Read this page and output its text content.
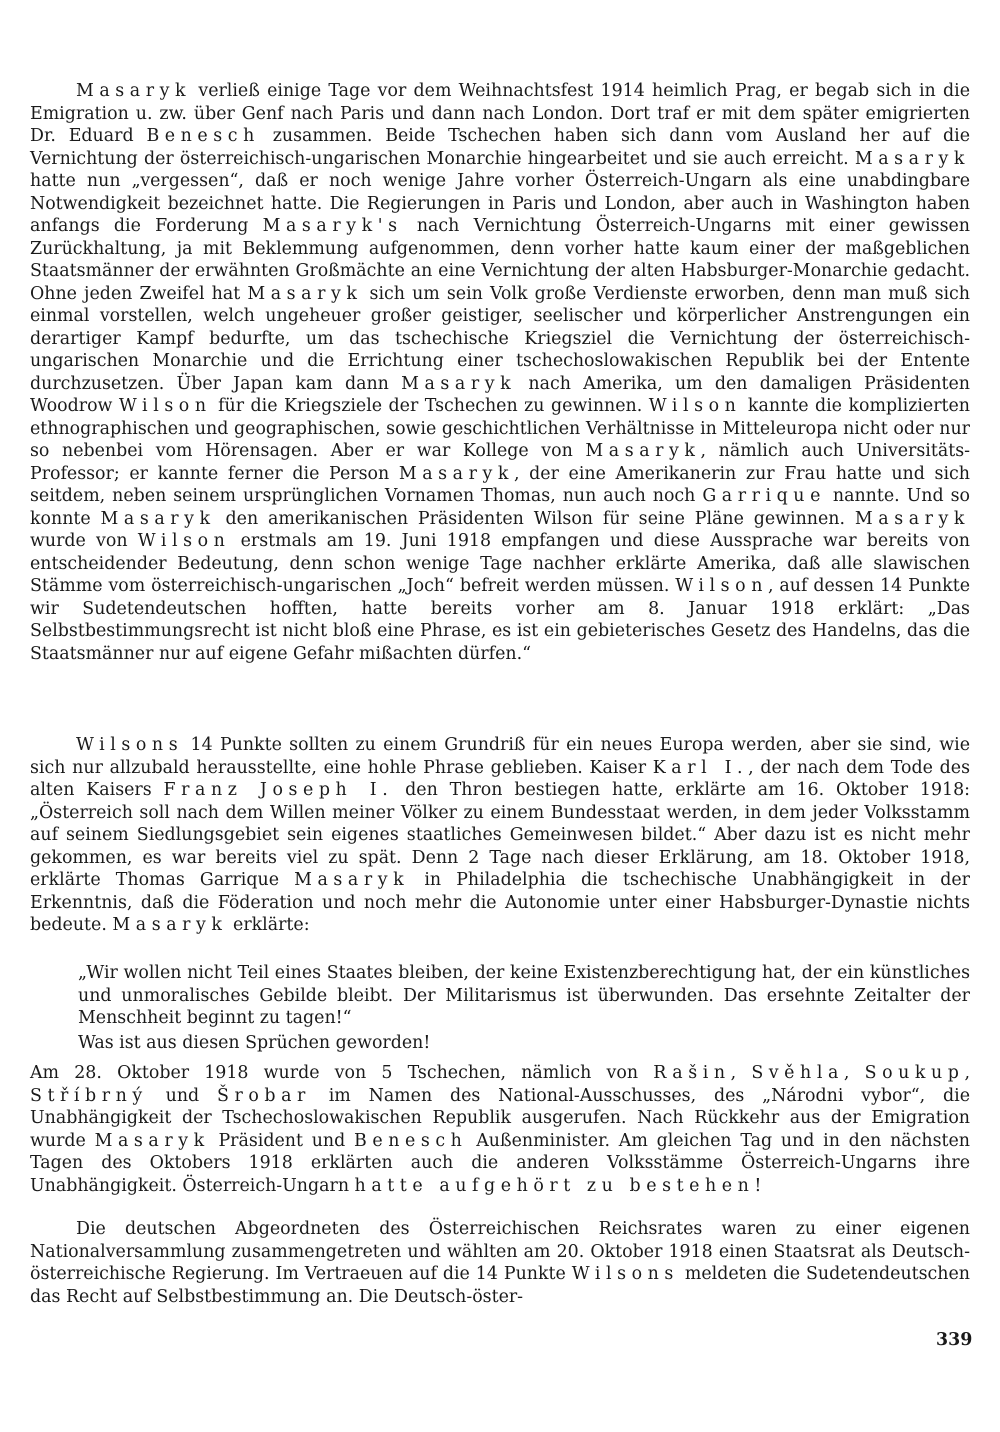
Masaryk verließ einige Tage vor dem Weihnachtsfest 1914 heimlich Prag, er begab sich in die Emigration u. zw. über Genf nach Paris und dann nach London. Dort traf er mit dem später emigrierten Dr. Eduard Benesch zusammen. Beide Tschechen haben sich dann vom Ausland her auf die Vernichtung der österreichisch-ungarischen Monarchie hingearbeitet und sie auch erreicht. Masaryk hatte nun „vergessen“, daß er noch wenige Jahre vorher Österreich-Ungarn als eine unabdingbare Notwendigkeit bezeichnet hatte. Die Regierungen in Paris und London, aber auch in Washington haben anfangs die Forderung Masaryk's nach Vernichtung Österreich-Ungarns mit einer gewissen Zurückhaltung, ja mit Beklemmung aufgenommen, denn vorher hatte kaum einer der maßgeblichen Staatsmänner der erwähnten Großmächte an eine Vernichtung der alten Habsburger-Monarchie gedacht. Ohne jeden Zweifel hat Masaryk sich um sein Volk große Verdienste erworben, denn man muß sich einmal vorstellen, welch ungeheuer großer geistiger, seelischer und körperlicher Anstrengungen ein derartiger Kampf bedurfte, um das tschechische Kriegsziel die Vernichtung der österreichisch-ungarischen Monarchie und die Errichtung einer tschechoslowakischen Republik bei der Entente durchzusetzen. Über Japan kam dann Masaryk nach Amerika, um den damaligen Präsidenten Woodrow Wilson für die Kriegsziele der Tschechen zu gewinnen. Wilson kannte die komplizierten ethnographischen und geographischen, sowie geschichtlichen Verhältnisse in Mitteleuropa nicht oder nur so nebenbei vom Hörensagen. Aber er war Kollege von Masaryk, nämlich auch Universitäts-Professor; er kannte ferner die Person Masaryk, der eine Amerikanerin zur Frau hatte und sich seitdem, neben seinem ursprünglichen Vornamen Thomas, nun auch noch Garrique nannte. Und so konnte Masaryk den amerikanischen Präsidenten Wilson für seine Pläne gewinnen. Masaryk wurde von Wilson erstmals am 19. Juni 1918 empfangen und diese Aussprache war bereits von entscheidender Bedeutung, denn schon wenige Tage nachher erklärte Amerika, daß alle slawischen Stämme vom österreichisch-ungarischen „Joch“ befreit werden müssen. Wilson, auf dessen 14 Punkte wir Sudetendeutschen hofften, hatte bereits vorher am 8. Januar 1918 erklärt: „Das Selbstbestimmungsrecht ist nicht bloß eine Phrase, es ist ein gebieterisches Gesetz des Handelns, das die Staatsmänner nur auf eigene Gefahr mißachten dürfen.“

Wilsons 14 Punkte sollten zu einem Grundriß für ein neues Europa werden, aber sie sind, wie sich nur allzubald herausstellte, eine hohle Phrase geblieben. Kaiser Karl I., der nach dem Tode des alten Kaisers Franz Joseph I. den Thron bestiegen hatte, erklärte am 16. Oktober 1918: „Österreich soll nach dem Willen meiner Völker zu einem Bundesstaat werden, in dem jeder Volksstamm auf seinem Siedlungsgebiet sein eigenes staatliches Gemeinwesen bildet.“ Aber dazu ist es nicht mehr gekommen, es war bereits viel zu spät. Denn 2 Tage nach dieser Erklärung, am 18. Oktober 1918, erklärte Thomas Garrique Masaryk in Philadelphia die tschechische Unabhängigkeit in der Erkenntnis, daß die Föderation und noch mehr die Autonomie unter einer Habsburger-Dynastie nichts bedeute. Masaryk erklärte:

„Wir wollen nicht Teil eines Staates bleiben, der keine Existenzberechtigung hat, der ein künstliches und unmoralisches Gebilde bleibt. Der Militarismus ist überwunden. Das ersehnte Zeitalter der Menschheit beginnt zu tagen!“

Was ist aus diesen Sprüchen geworden!

Am 28. Oktober 1918 wurde von 5 Tschechen, nämlich von Rašin, Svěhla, Soukup, Stříbrný und Šrobar im Namen des National-Ausschusses, des „Národni vybor“, die Unabhängigkeit der Tschechoslowakischen Republik ausgerufen. Nach Rückkehr aus der Emigration wurde Masaryk Präsident und Benesch Außenminister. Am gleichen Tag und in den nächsten Tagen des Oktobers 1918 erklärten auch die anderen Volksstämme Österreich-Ungarns ihre Unabhängigkeit. Österreich-Ungarn hatte aufgehört zu bestehen!

Die deutschen Abgeordneten des Österreichischen Reichsrates waren zu einer eigenen Nationalversammlung zusammengetreten und wählten am 20. Oktober 1918 einen Staatsrat als Deutsch-österreichische Regierung. Im Vertraeuen auf die 14 Punkte Wilsons meldeten die Sudetendeutschen das Recht auf Selbstbestimmung an. Die Deutsch-öster-

339
